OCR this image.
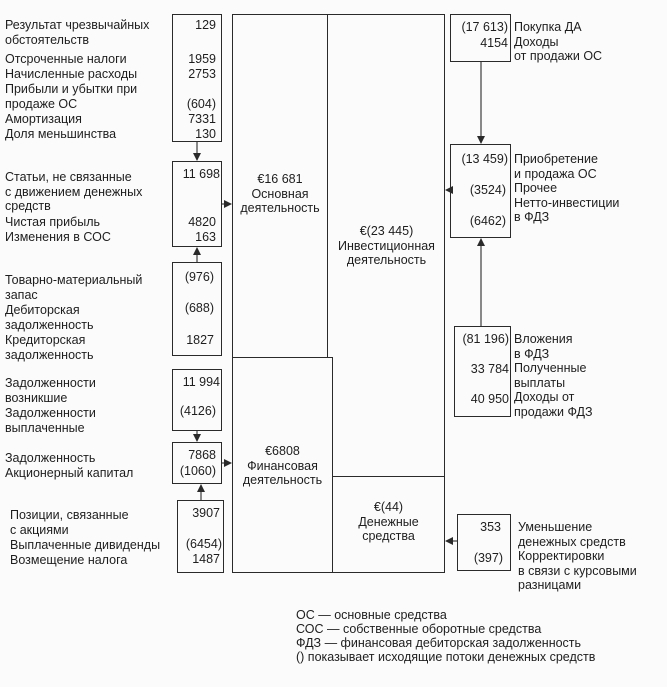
Результат чрезвычайных
обстоятельств
Отсроченные налоги
Начисленные расходы
Прибыли и убытки при
продаже ОС
Амортизация
Доля меньшинства
129
1959
2753
(604)
7331
130
Статьи, не связанные
с движением денежных
средств
Чистая прибыль
Изменения в СОС
11 698
4820
163
Товарно-материальный
запас
Дебиторская
задолженность
Кредиторская
задолженность
(976)
(688)
1827
Задолженности
возникшие
Задолженности
выплаченные
11 994
(4126)
Задолженность
Акционерный капитал
7868
(1060)
Позиции, связанные
с акциями
Выплаченные дивиденды
Возмещение налога
3907
(6454)
1487
€16 681
Основная
деятельность
€(23 445)
Инвестиционная
деятельность
€6808
Финансовая
деятельность
€(44)
Денежные
средства
(17 613)
4154
Покупка ДА
Доходы
от продажи ОС
(13 459)
(3524)
(6462)
Приобретение
и продажа ОС
Прочее
Нетто-инвестиции
в ФДЗ
(81 196)
33 784
40 950
Вложения
в ФДЗ
Полученные
выплаты
Доходы от
продажи ФДЗ
353
(397)
Уменьшение
денежных средств
Корректировки
в связи с курсовыми
разницами
ОС — основные средства
СОС — собственные оборотные средства
ФДЗ — финансовая дебиторская задолженность
() показывает исходящие потоки денежных средств
